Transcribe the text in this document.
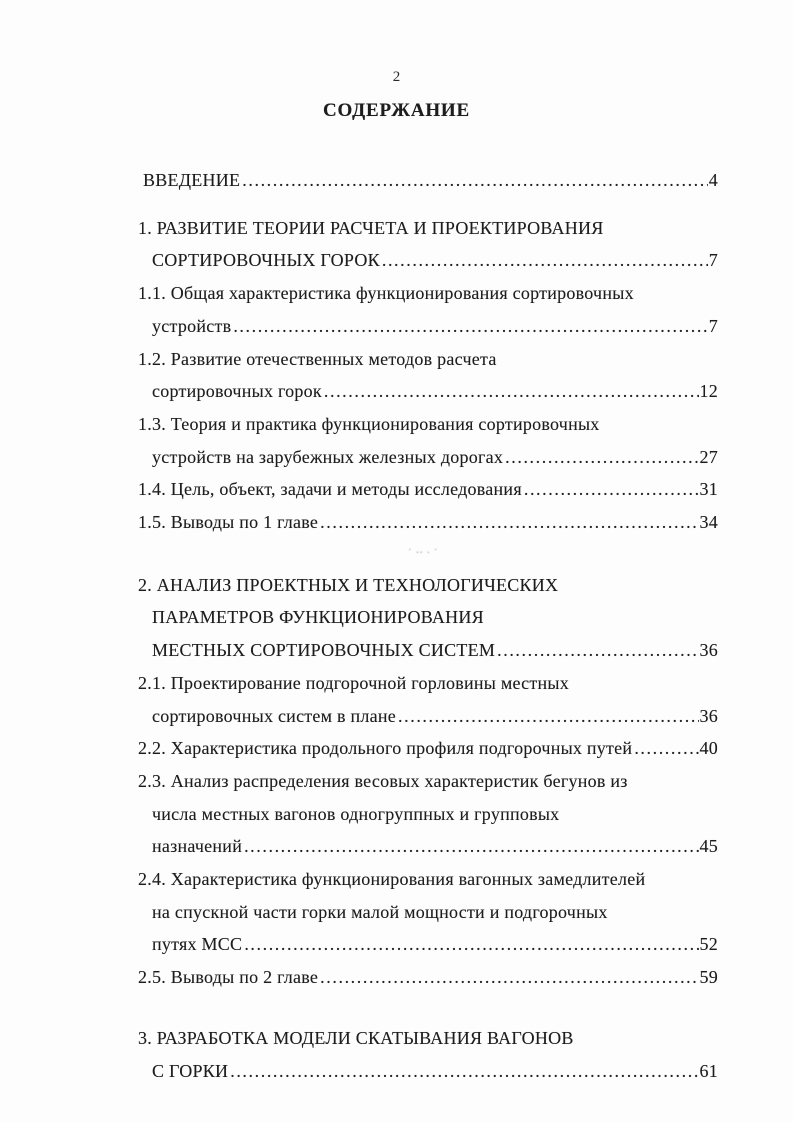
2
СОДЕРЖАНИЕ
ВВЕДЕНИЕ .....	4
1. РАЗВИТИЕ ТЕОРИИ РАСЧЕТА И ПРОЕКТИРОВАНИЯ
СОРТИРОВОЧНЫХ ГОРОК .....	7
1.1. Общая характеристика функционирования сортировочных
устройств .....	7
1.2. Развитие отечественных методов расчета
сортировочных горок .....	12
1.3. Теория и практика функционирования сортировочных
устройств на зарубежных железных дорогах .....	27
1.4. Цель, объект, задачи и методы исследования .....	31
1.5. Выводы по 1 главе .....	34
2. АНАЛИЗ ПРОЕКТНЫХ И ТЕХНОЛОГИЧЕСКИХ
ПАРАМЕТРОВ ФУНКЦИОНИРОВАНИЯ
МЕСТНЫХ СОРТИРОВОЧНЫХ СИСТЕМ .....	36
2.1. Проектирование подгорочной горловины местных
сортировочных систем в плане .....	36
2.2. Характеристика продольного профиля подгорочных путей .....	40
2.3. Анализ распределения весовых характеристик бегунов из
числа местных вагонов одногруппных и групповых
назначений .....	45
2.4. Характеристика функционирования вагонных замедлителей
на спускной части горки малой мощности и подгорочных
путях МСС .....	52
2.5. Выводы по 2 главе .....	59
3. РАЗРАБОТКА МОДЕЛИ СКАТЫВАНИЯ ВАГОНОВ
С ГОРКИ .....	61
·‥.·
